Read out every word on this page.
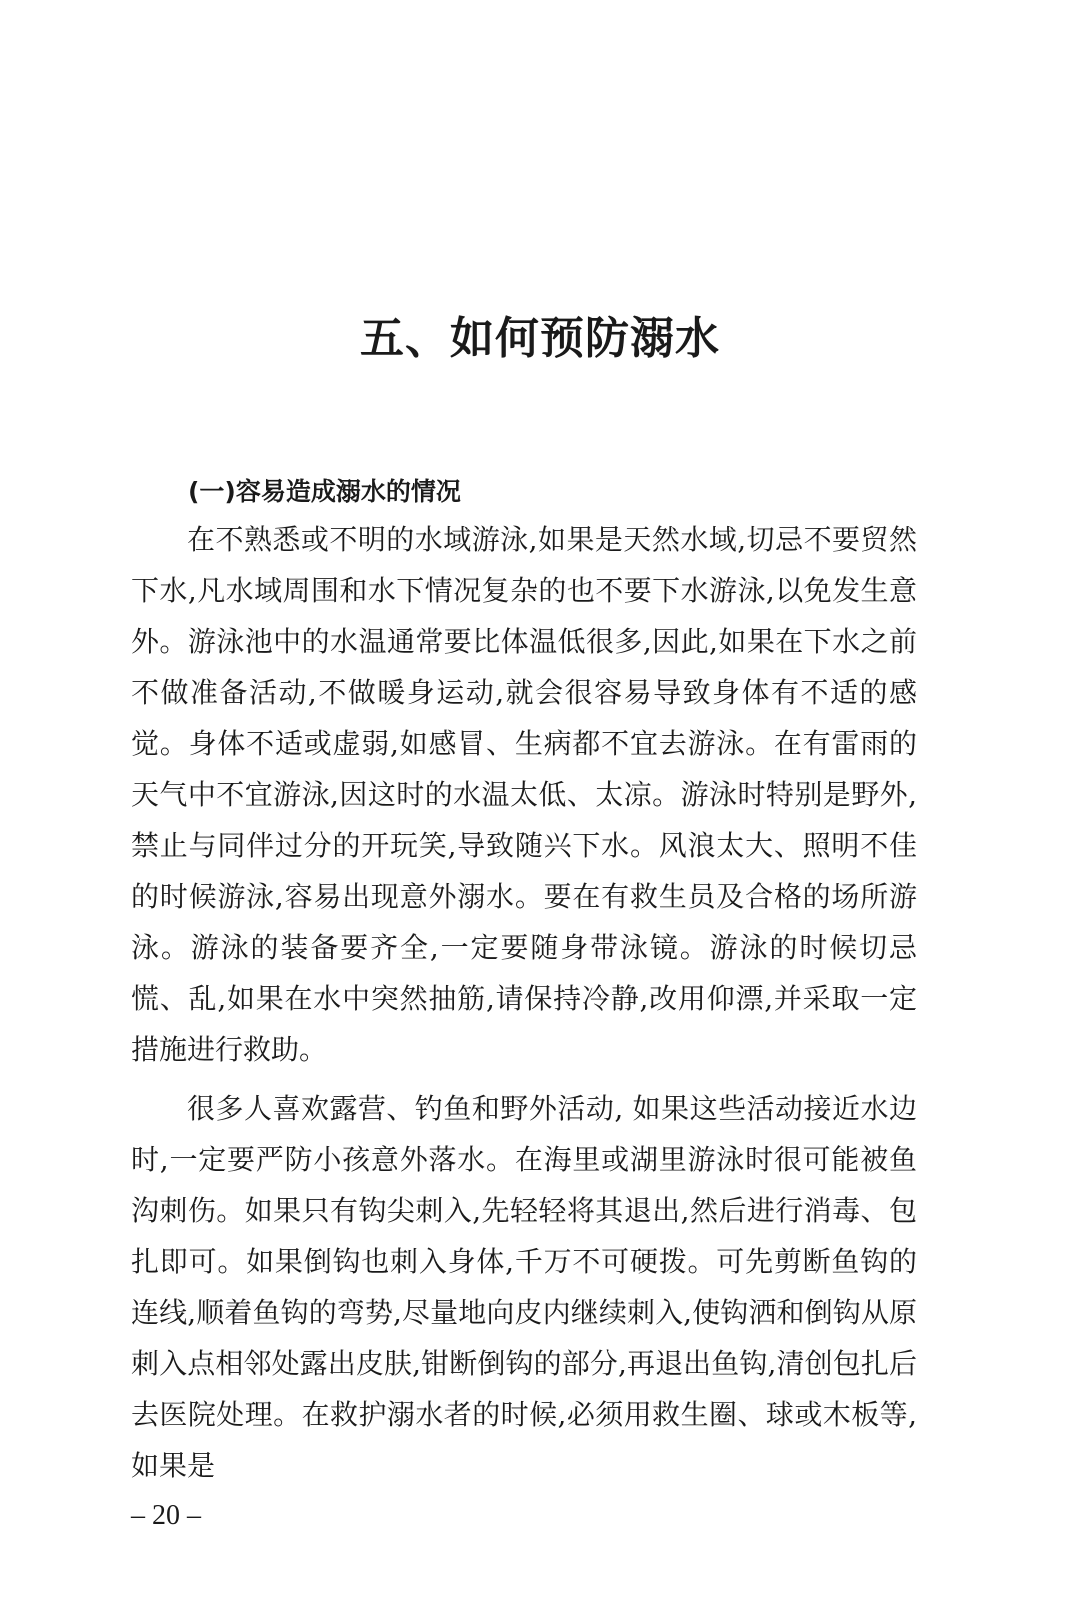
五、如何预防溺水
(一)容易造成溺水的情况

在不熟悉或不明的水域游泳,如果是天然水域,切忌不要贸然下水,凡水域周围和水下情况复杂的也不要下水游泳,以免发生意外。游泳池中的水温通常要比体温低很多,因此,如果在下水之前不做准备活动,不做暖身运动,就会很容易导致身体有不适的感觉。身体不适或虚弱,如感冒、生病都不宜去游泳。在有雷雨的天气中不宜游泳,因这时的水温太低、太凉。游泳时特别是野外,禁止与同伴过分的开玩笑,导致随兴下水。风浪太大、照明不佳的时候游泳,容易出现意外溺水。要在有救生员及合格的场所游泳。游泳的装备要齐全,一定要随身带泳镜。游泳的时候切忌慌、乱,如果在水中突然抽筋,请保持冷静,改用仰漂,并采取一定措施进行救助。

很多人喜欢露营、钓鱼和野外活动, 如果这些活动接近水边时,一定要严防小孩意外落水。在海里或湖里游泳时很可能被鱼沟刺伤。如果只有钩尖刺入,先轻轻将其退出,然后进行消毒、包扎即可。如果倒钩也刺入身体,千万不可硬拨。可先剪断鱼钩的连线,顺着鱼钩的弯势,尽量地向皮内继续刺入,使钩洒和倒钩从原刺入点相邻处露出皮肤,钳断倒钩的部分,再退出鱼钩,清创包扎后去医院处理。在救护溺水者的时候,必须用救生圈、球或木板等,如果是

– 20 –
